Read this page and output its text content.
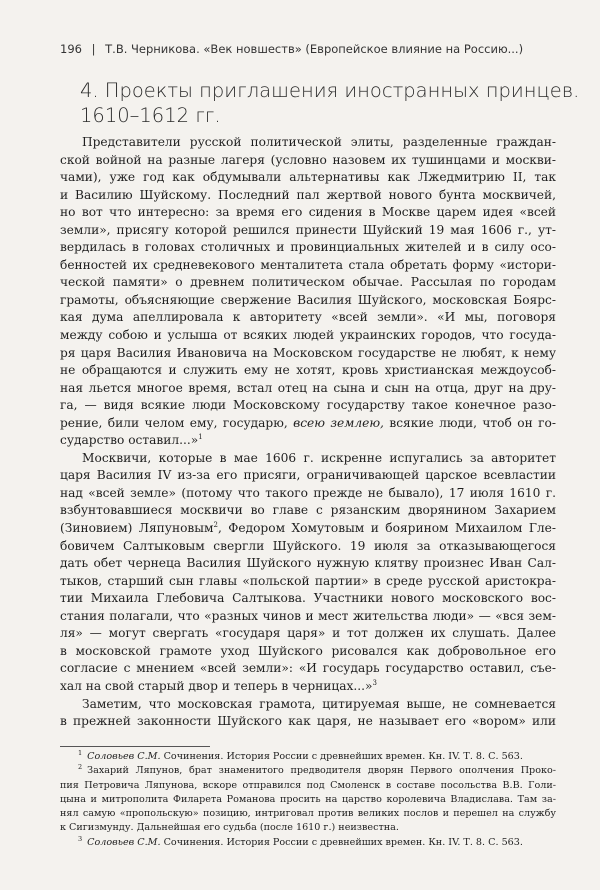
196 | Т.В. Черникова. «Век новшеств» (Европейское влияние на Россию...)
4. Проекты приглашения иностранных принцев.
1610–1612 гг.
Представители русской политической элиты, разделенные граждан-
ской войной на разные лагеря (условно назовем их тушинцами и москви-
чами), уже год как обдумывали альтернативы как Лжедмитрию II, так
и Василию Шуйскому. Последний пал жертвой нового бунта москвичей,
но вот что интересно: за время его сидения в Москве царем идея «всей
земли», присягу которой решился принести Шуйский 19 мая 1606 г., ут-
вердилась в головах столичных и провинциальных жителей и в силу осо-
бенностей их средневекового менталитета стала обретать форму «истори-
ческой памяти» о древнем политическом обычае. Рассылая по городам
грамоты, объясняющие свержение Василия Шуйского, московская Боярс-
кая дума апеллировала к авторитету «всей земли». «И мы, поговоря
между собою и услыша от всяких людей украинских городов, что госуда-
ря царя Василия Ивановича на Московском государстве не любят, к нему
не обращаются и служить ему не хотят, кровь христианская междоусоб-
ная льется многое время, встал отец на сына и сын на отца, друг на дру-
га, — видя всякие люди Московскому государству такое конечное разо-
рение, били челом ему, государю, всею землею, всякие люди, чтоб он го-
сударство оставил...»$^1$
Москвичи, которые в мае 1606 г. искренне испугались за авторитет
царя Василия IV из-за его присяги, ограничивающей царское всевластии
над «всей земле» (потому что такого прежде не бывало), 17 июля 1610 г.
взбунтовавшиеся москвичи во главе с рязанским дворянином Захарием
(Зиновием) Ляпуновым$^2$, Федором Хомутовым и боярином Михаилом Гле-
бовичем Салтыковым свергли Шуйского. 19 июля за отказывающегося
дать обет чернеца Василия Шуйского нужную клятву произнес Иван Сал-
тыков, старший сын главы «польской партии» в среде русской аристокра-
тии Михаила Глебовича Салтыкова. Участники нового московского вос-
стания полагали, что «разных чинов и мест жительства люди» — «вся зем-
ля» — могут свергать «государя царя» и тот должен их слушать. Далее
в московской грамоте уход Шуйского рисовался как добровольное его
согласие с мнением «всей земли»: «И государь государство оставил, съе-
хал на свой старый двор и теперь в черницах...»$^3$
Заметим, что московская грамота, цитируемая выше, не сомневается
в прежней законности Шуйского как царя, не называет его «вором» или
$^1$ Соловьев С.М. Сочинения. История России с древнейших времен. Кн. IV. Т. 8. С. 563.
$^2$ Захарий Ляпунов, брат знаменитого предводителя дворян Первого ополчения Проко-
пия Петровича Ляпунова, вскоре отправился под Смоленск в составе посольства В.В. Голи-
цына и митрополита Филарета Романова просить на царство королевича Владислава. Там за-
нял самую «пропольскую» позицию, интриговал против великих послов и перешел на службу
к Сигизмунду. Дальнейшая его судьба (после 1610 г.) неизвестна.
$^3$ Соловьев С.М. Сочинения. История России с древнейших времен. Кн. IV. Т. 8. С. 563.
